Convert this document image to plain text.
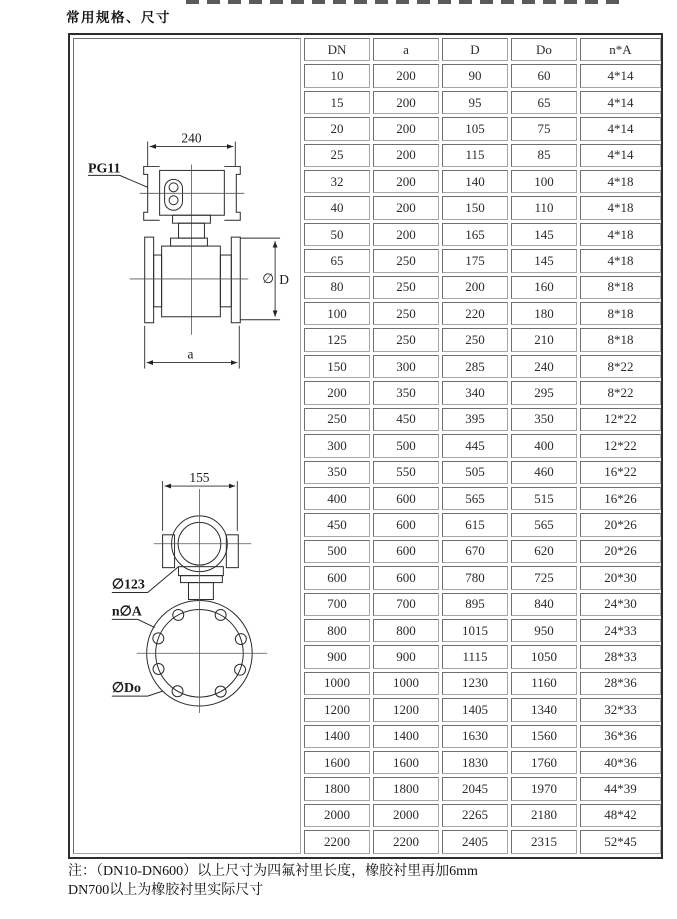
常用规格、尺寸
240
PG11
∅ D
a
155
∅123
n∅A
∅Do
	DN	a	D	Do	n*A
	10	200	90	60	4*14
	15	200	95	65	4*14
	20	200	105	75	4*14
	25	200	115	85	4*14
	32	200	140	100	4*18
	40	200	150	110	4*18
	50	200	165	145	4*18
	65	250	175	145	4*18
	80	250	200	160	8*18
	100	250	220	180	8*18
	125	250	250	210	8*18
	150	300	285	240	8*22
	200	350	340	295	8*22
	250	450	395	350	12*22
	300	500	445	400	12*22
	350	550	505	460	16*22
	400	600	565	515	16*26
	450	600	615	565	20*26
	500	600	670	620	20*26
	600	600	780	725	20*30
	700	700	895	840	24*30
	800	800	1015	950	24*33
	900	900	1115	1050	28*33
	1000	1000	1230	1160	28*36
	1200	1200	1405	1340	32*33
	1400	1400	1630	1560	36*36
	1600	1600	1830	1760	40*36
	1800	1800	2045	1970	44*39
	2000	2000	2265	2180	48*42
	2200	2200	2405	2315	52*45
注：（DN10-DN600）以上尺寸为四氟衬里长度，橡胶衬里再加6mm
DN700以上为橡胶衬里实际尺寸
